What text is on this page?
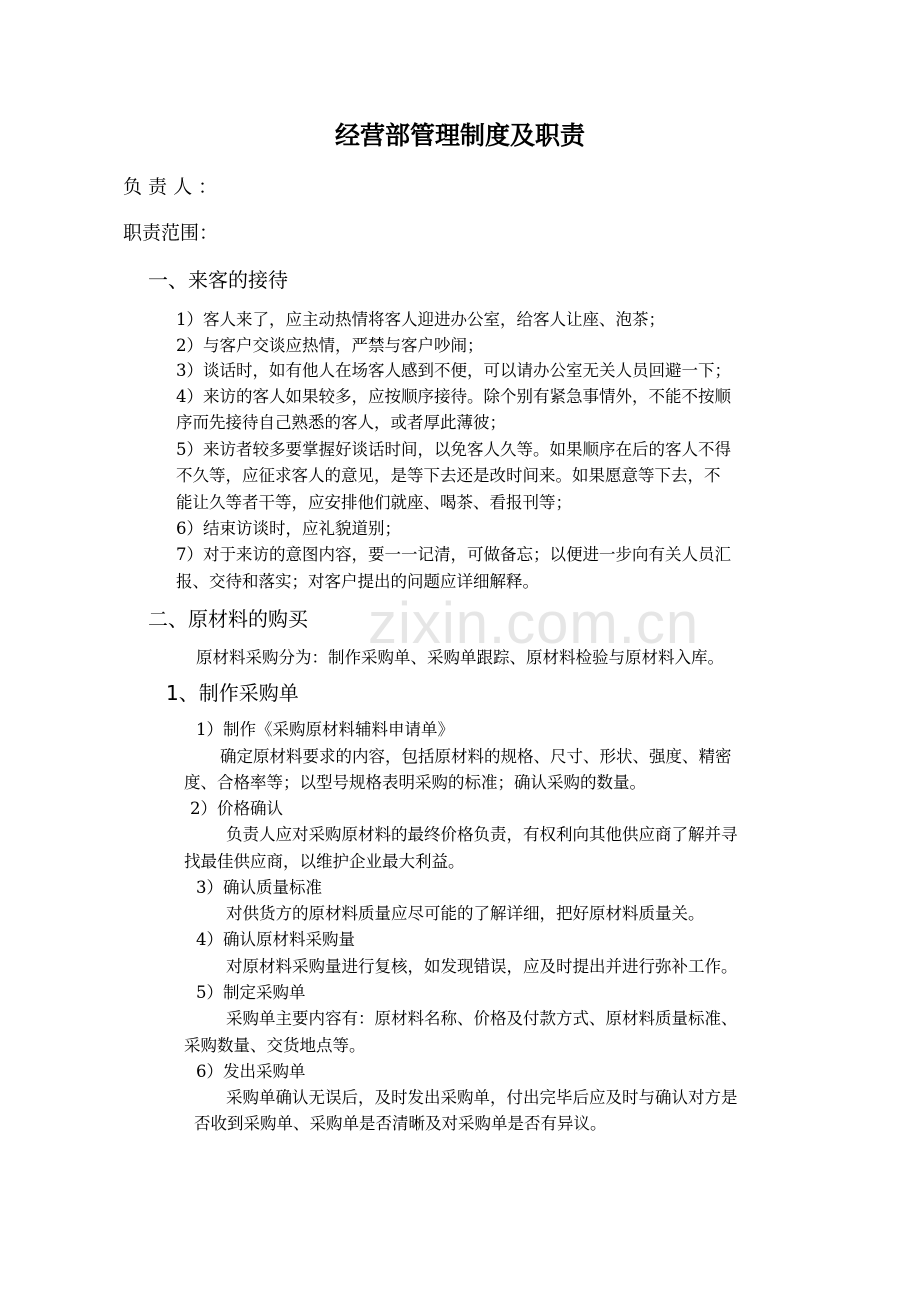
zixin.com.cn
经营部管理制度及职责
负 责 人 ：
职责范围：
一、来客的接待
1）客人来了，应主动热情将客人迎进办公室，给客人让座、泡茶；
2）与客户交谈应热情，严禁与客户吵闹；
3）谈话时，如有他人在场客人感到不便，可以请办公室无关人员回避一下；
4）来访的客人如果较多，应按顺序接待。除个别有紧急事情外，不能不按顺
序而先接待自己熟悉的客人，或者厚此薄彼；
5）来访者较多要掌握好谈话时间，以免客人久等。如果顺序在后的客人不得
不久等，应征求客人的意见，是等下去还是改时间来。如果愿意等下去，不
能让久等者干等，应安排他们就座、喝茶、看报刊等；
6）结束访谈时，应礼貌道别；
7）对于来访的意图内容，要一一记清，可做备忘；以便进一步向有关人员汇
报、交待和落实；对客户提出的问题应详细解释。
二、原材料的购买
原材料采购分为：制作采购单、采购单跟踪、原材料检验与原材料入库。
1、制作采购单
1）制作《采购原材料辅料申请单》
确定原材料要求的内容，包括原材料的规格、尺寸、形状、强度、精密
度、合格率等；以型号规格表明采购的标准；确认采购的数量。
2）价格确认
负责人应对采购原材料的最终价格负责，有权利向其他供应商了解并寻
找最佳供应商，以维护企业最大利益。
3）确认质量标准
对供货方的原材料质量应尽可能的了解详细，把好原材料质量关。
4）确认原材料采购量
对原材料采购量进行复核，如发现错误，应及时提出并进行弥补工作。
5）制定采购单
采购单主要内容有：原材料名称、价格及付款方式、原材料质量标准、
采购数量、交货地点等。
6）发出采购单
采购单确认无误后，及时发出采购单，付出完毕后应及时与确认对方是
否收到采购单、采购单是否清晰及对采购单是否有异议。
